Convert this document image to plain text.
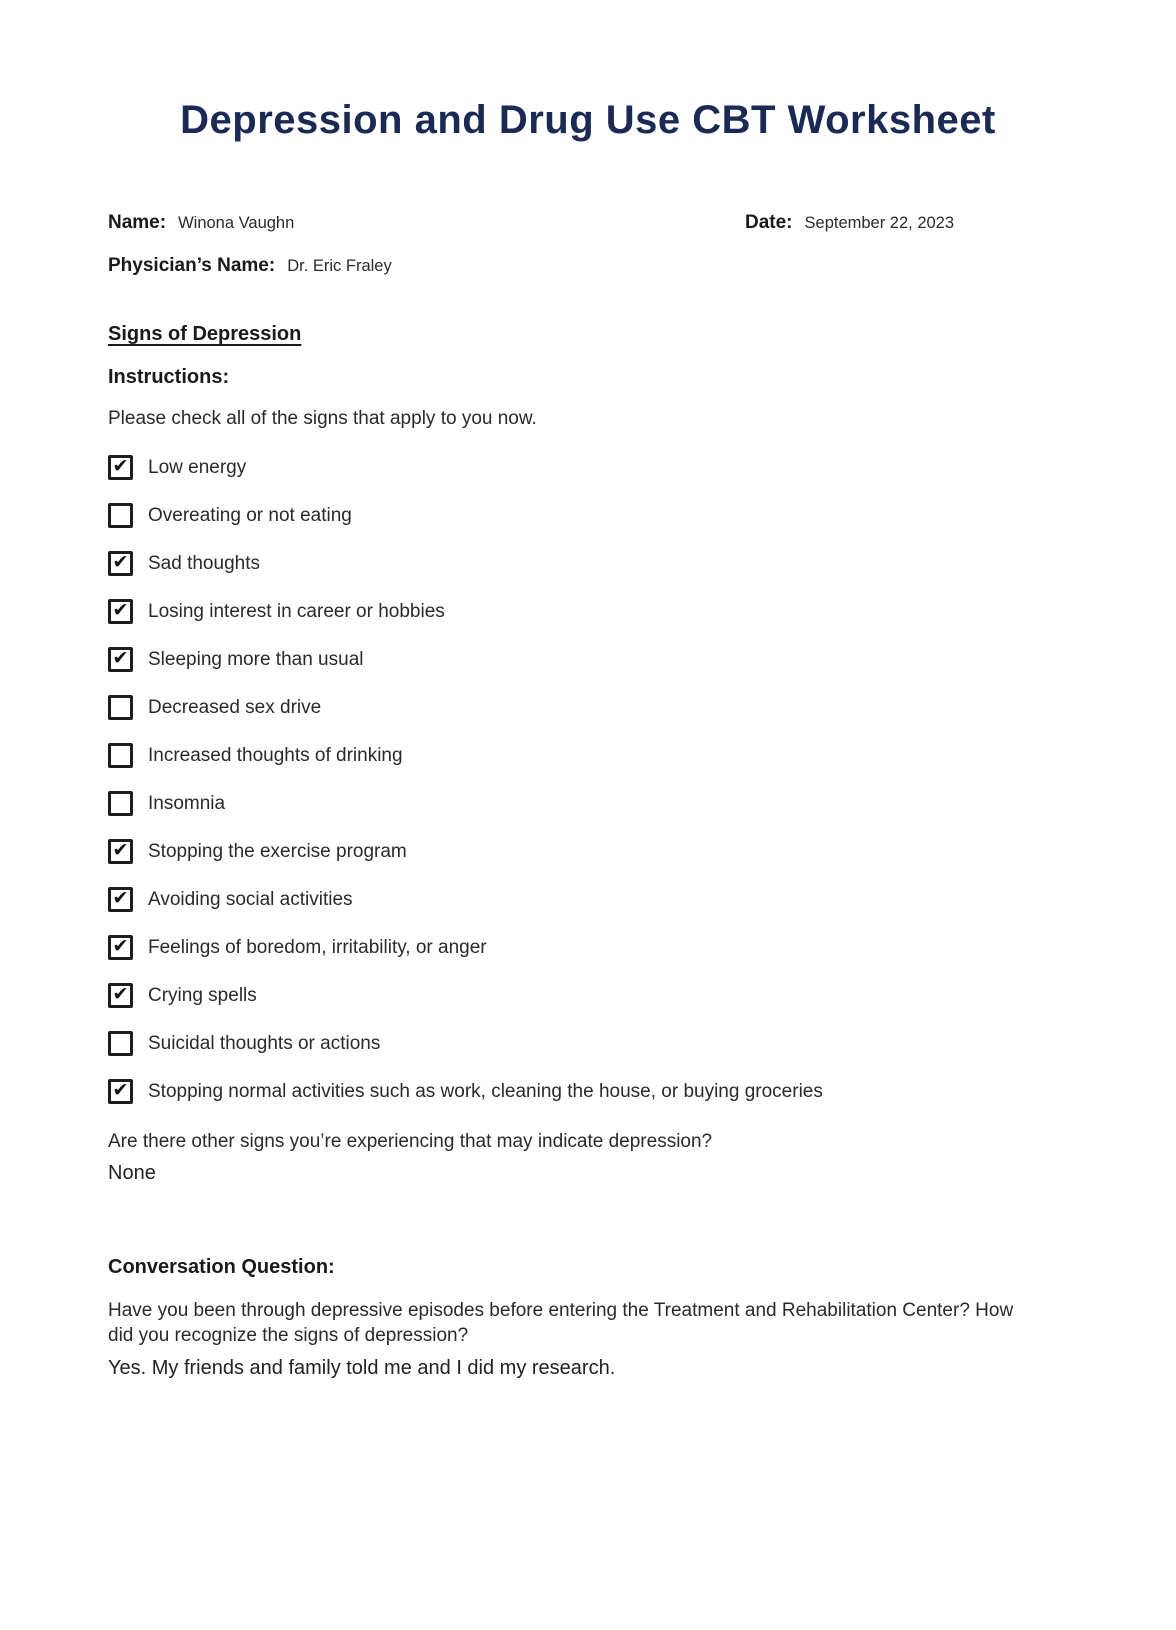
Depression and Drug Use CBT Worksheet
Name: Winona Vaughn	Date: September 22, 2023
Physician’s Name: Dr. Eric Fraley
Signs of Depression
Instructions:

Please check all of the signs that apply to you now.

✔ Low energy
Overeating or not eating
✔ Sad thoughts
✔ Losing interest in career or hobbies
✔ Sleeping more than usual
Decreased sex drive
Increased thoughts of drinking
Insomnia
✔ Stopping the exercise program
✔ Avoiding social activities
✔ Feelings of boredom, irritability, or anger
✔ Crying spells
Suicidal thoughts or actions
✔ Stopping normal activities such as work, cleaning the house, or buying groceries

Are there other signs you’re experiencing that may indicate depression?

None

Conversation Question:

Have you been through depressive episodes before entering the Treatment and Rehabilitation Center? How did you recognize the signs of depression?

Yes. My friends and family told me and I did my research.
